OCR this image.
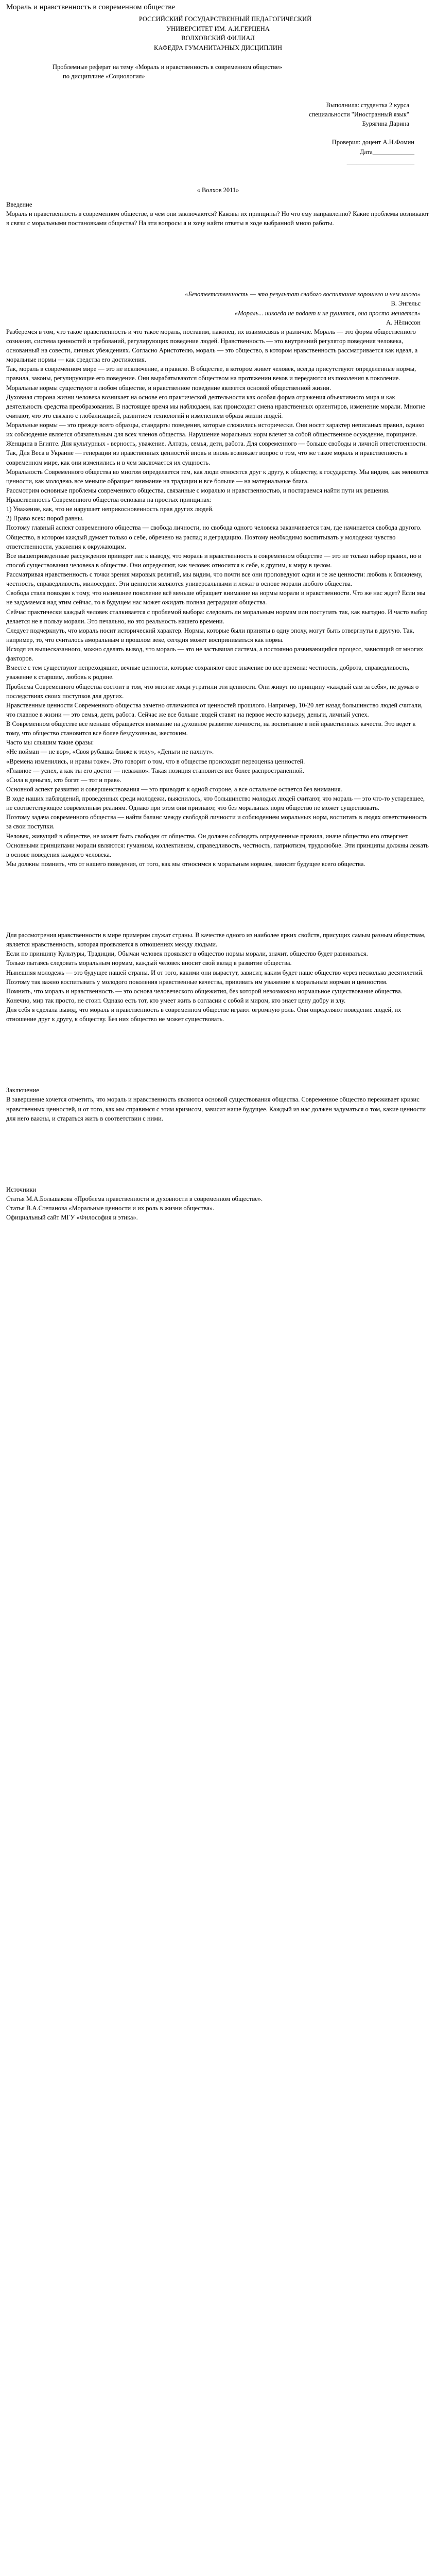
Мораль и нравственность в современном обществе

РОССИЙСКИЙ ГОСУДАРСТВЕННЫЙ ПЕДАГОГИЧЕСКИЙ

УНИВЕРСИТЕТ ИМ. А.И.ГЕРЦЕНА

ВОЛХОВСКИЙ ФИЛИАЛ

КАФЕДРА ГУМАНИТАРНЫХ ДИСЦИПЛИН

Проблемные реферат на тему «Мораль и нравственность в современном обществе»

по дисциплине «Социология»

Выполнила: студентка 2 курса

специальности "Иностранный язык"

Бурягина Дарина

Проверил: доцент А.Н.Фомин

Дата_____________

_____________________

« Волхов 2011»

Введение

Мораль и нравственность в современном обществе, в чем они заключаются? Каковы их принципы? Но что ему направленно? Какие проблемы возникают в связи с моральными постановками общества? На эти вопросы я и хочу найти ответы в ходе выбранной мною работы.

«Безответственность — это результат слабого воспитания хорошего и чем много»

В. Энгельс

«Мораль... никогда не подает и не рушится, она просто меняется»

А. Нёлиссон

Разберемся в том, что такое нравственность и что такое мораль, поставим, наконец, их взаимосвязь и различие. Мораль — это форма общественного сознания, система ценностей и требований, регулирующих поведение людей. Нравственность — это внутренний регулятор поведения человека, основанный на совести, личных убеждениях. Согласно Аристотелю, мораль — это общество, в котором нравственность рассматривается как идеал, а моральные нормы — как средства его достижения.

Так, мораль в современном мире — это не исключение, а правило. В обществе, в котором живет человек, всегда присутствуют определенные нормы, правила, законы, регулирующие его поведение. Они вырабатываются обществом на протяжении веков и передаются из поколения в поколение. Моральные нормы существуют в любом обществе, и нравственное поведение является основой общественной жизни.

Духовная сторона жизни человека возникает на основе его практической деятельности как особая форма отражения объективного мира и как деятельность средства преобразования. В настоящее время мы наблюдаем, как происходит смена нравственных ориентиров, изменение морали. Многие считают, что это связано с глобализацией, развитием технологий и изменением образа жизни людей.

Моральные нормы — это прежде всего образцы, стандарты поведения, которые сложились исторически. Они носят характер неписаных правил, однако их соблюдение является обязательным для всех членов общества. Нарушение моральных норм влечет за собой общественное осуждение, порицание.

Женщина в Египте. Для культурных - верность, уважение. Алтарь, семья, дети, работа. Для современного — больше свободы и личной ответственности.

Так, Для Веса в Украине — генерации из нравственных ценностей вновь и вновь возникает вопрос о том, что же такое мораль и нравственность в современном мире, как они изменились и в чем заключается их сущность.

Моральность Современного общества во многом определяется тем, как люди относятся друг к другу, к обществу, к государству. Мы видим, как меняются ценности, как молодежь все меньше обращает внимание на традиции и все больше — на материальные блага.

Рассмотрим основные проблемы современного общества, связанные с моралью и нравственностью, и постараемся найти пути их решения.

Нравственность Современного общества основана на простых принципах:

1) Уважение, как, что не нарушает неприкосновенность прав других людей.

2) Право всех: порой равны.

Поэтому главный аспект современного общества — свобода личности, но свобода одного человека заканчивается там, где начинается свобода другого. Общество, в котором каждый думает только о себе, обречено на распад и деградацию. Поэтому необходимо воспитывать у молодежи чувство ответственности, уважения к окружающим.

Все вышеприведенные рассуждения приводят нас к выводу, что мораль и нравственность в современном обществе — это не только набор правил, но и способ существования человека в обществе. Они определяют, как человек относится к себе, к другим, к миру в целом.

Рассматривая нравственность с точки зрения мировых религий, мы видим, что почти все они проповедуют одни и те же ценности: любовь к ближнему, честность, справедливость, милосердие. Эти ценности являются универсальными и лежат в основе морали любого общества.

Свобода стала поводом к тому, что нынешнее поколение всё меньше обращает внимание на нормы морали и нравственности. Что же нас ждет? Если мы не задумаемся над этим сейчас, то в будущем нас может ожидать полная деградация общества.

Сейчас практически каждый человек сталкивается с проблемой выбора: следовать ли моральным нормам или поступать так, как выгодно. И часто выбор делается не в пользу морали. Это печально, но это реальность нашего времени.

Следует подчеркнуть, что мораль носит исторический характер. Нормы, которые были приняты в одну эпоху, могут быть отвергнуты в другую. Так, например, то, что считалось аморальным в прошлом веке, сегодня может восприниматься как норма.

Исходя из вышесказанного, можно сделать вывод, что мораль — это не застывшая система, а постоянно развивающийся процесс, зависящий от многих факторов.

Вместе с тем существуют непреходящие, вечные ценности, которые сохраняют свое значение во все времена: честность, доброта, справедливость, уважение к старшим, любовь к родине.

Проблема Современного общества состоит в том, что многие люди утратили эти ценности. Они живут по принципу «каждый сам за себя», не думая о последствиях своих поступков для других.

Нравственные ценности Современного общества заметно отличаются от ценностей прошлого. Например, 10-20 лет назад большинство людей считали, что главное в жизни — это семья, дети, работа. Сейчас же все больше людей ставят на первое место карьеру, деньги, личный успех.

В Современном обществе все меньше обращается внимание на духовное развитие личности, на воспитание в ней нравственных качеств. Это ведет к тому, что общество становится все более бездуховным, жестоким.

Часто мы слышим такие фразы:

«Не пойман — не вор», «Своя рубашка ближе к телу», «Деньги не пахнут».

«Времена изменились, и нравы тоже». Это говорит о том, что в обществе происходит переоценка ценностей.

«Главное — успех, а как ты его достиг — неважно». Такая позиция становится все более распространенной.

«Сила в деньгах, кто богат — тот и прав».

Основной аспект развития и совершенствования — это приводит к одной стороне, а все остальное остается без внимания.

В ходе наших наблюдений, проведенных среди молодежи, выяснилось, что большинство молодых людей считают, что мораль — это что-то устаревшее, не соответствующее современным реалиям. Однако при этом они признают, что без моральных норм общество не может существовать.

Поэтому задача современного общества — найти баланс между свободой личности и соблюдением моральных норм, воспитать в людях ответственность за свои поступки.

Человек, живущий в обществе, не может быть свободен от общества. Он должен соблюдать определенные правила, иначе общество его отвергнет.

Основными принципами морали являются: гуманизм, коллективизм, справедливость, честность, патриотизм, трудолюбие. Эти принципы должны лежать в основе поведения каждого человека.

Мы должны помнить, что от нашего поведения, от того, как мы относимся к моральным нормам, зависит будущее всего общества.

Для рассмотрения нравственности в мире примером служат страны. В качестве одного из наиболее ярких свойств, присущих самым разным обществам, является нравственность, которая проявляется в отношениях между людьми.

Если по принципу Культуры, Традиции, Обычаи человек проявляет в общество нормы морали, значит, общество будет развиваться.

Только пытаясь следовать моральным нормам, каждый человек вносит свой вклад в развитие общества.

Нынешняя молодежь — это будущее нашей страны. И от того, какими они вырастут, зависит, каким будет наше общество через несколько десятилетий.

Поэтому так важно воспитывать у молодого поколения нравственные качества, прививать им уважение к моральным нормам и ценностям.

Помнить, что мораль и нравственность — это основа человеческого общежития, без которой невозможно нормальное существование общества.

Конечно, мир так просто, не стоит. Однако есть тот, кто умеет жить в согласии с собой и миром, кто знает цену добру и злу.

Для себя я сделала вывод, что мораль и нравственность в современном обществе играют огромную роль. Они определяют поведение людей, их отношение друг к другу, к обществу. Без них общество не может существовать.

Заключение

В завершение хочется отметить, что мораль и нравственность являются основой существования общества. Современное общество переживает кризис нравственных ценностей, и от того, как мы справимся с этим кризисом, зависит наше будущее. Каждый из нас должен задуматься о том, какие ценности для него важны, и стараться жить в соответствии с ними.

Источники

Статья М.А.Большакова «Проблема нравственности и духовности в современном обществе».

Статья В.А.Степанова «Моральные ценности и их роль в жизни общества».

Официальный сайт МГУ «Философия и этика».
